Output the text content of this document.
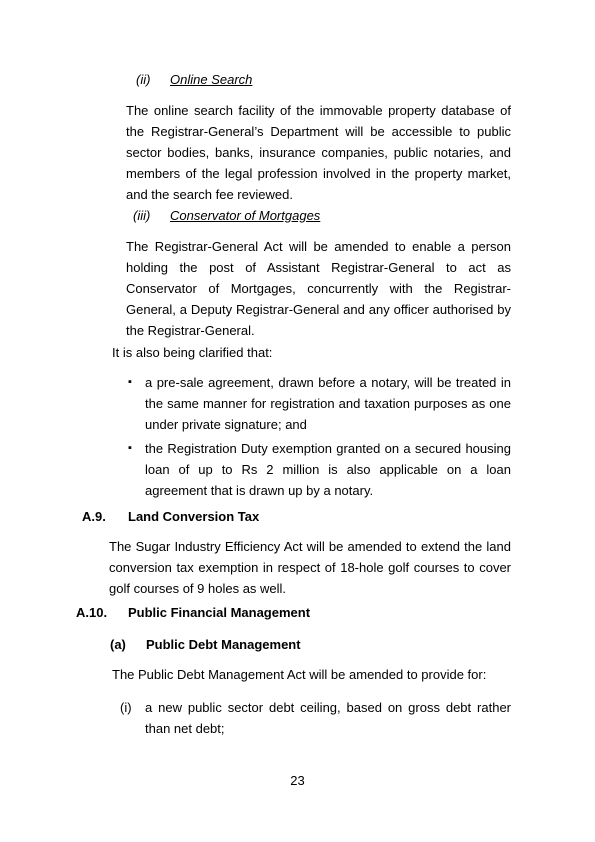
(ii) Online Search
The online search facility of the immovable property database of the Registrar-General’s Department will be accessible to public sector bodies, banks, insurance companies, public notaries, and members of the legal profession involved in the property market, and the search fee reviewed.
(iii) Conservator of Mortgages
The Registrar-General Act will be amended to enable a person holding the post of Assistant Registrar-General to act as Conservator of Mortgages, concurrently with the Registrar-General, a Deputy Registrar-General and any officer authorised by the Registrar-General.
It is also being clarified that:
▪ a pre-sale agreement, drawn before a notary, will be treated in the same manner for registration and taxation purposes as one under private signature; and
▪ the Registration Duty exemption granted on a secured housing loan of up to Rs 2 million is also applicable on a loan agreement that is drawn up by a notary.
A.9. Land Conversion Tax
The Sugar Industry Efficiency Act will be amended to extend the land conversion tax exemption in respect of 18-hole golf courses to cover golf courses of 9 holes as well.
A.10. Public Financial Management
(a) Public Debt Management
The Public Debt Management Act will be amended to provide for:
(i) a new public sector debt ceiling, based on gross debt rather than net debt;
23
